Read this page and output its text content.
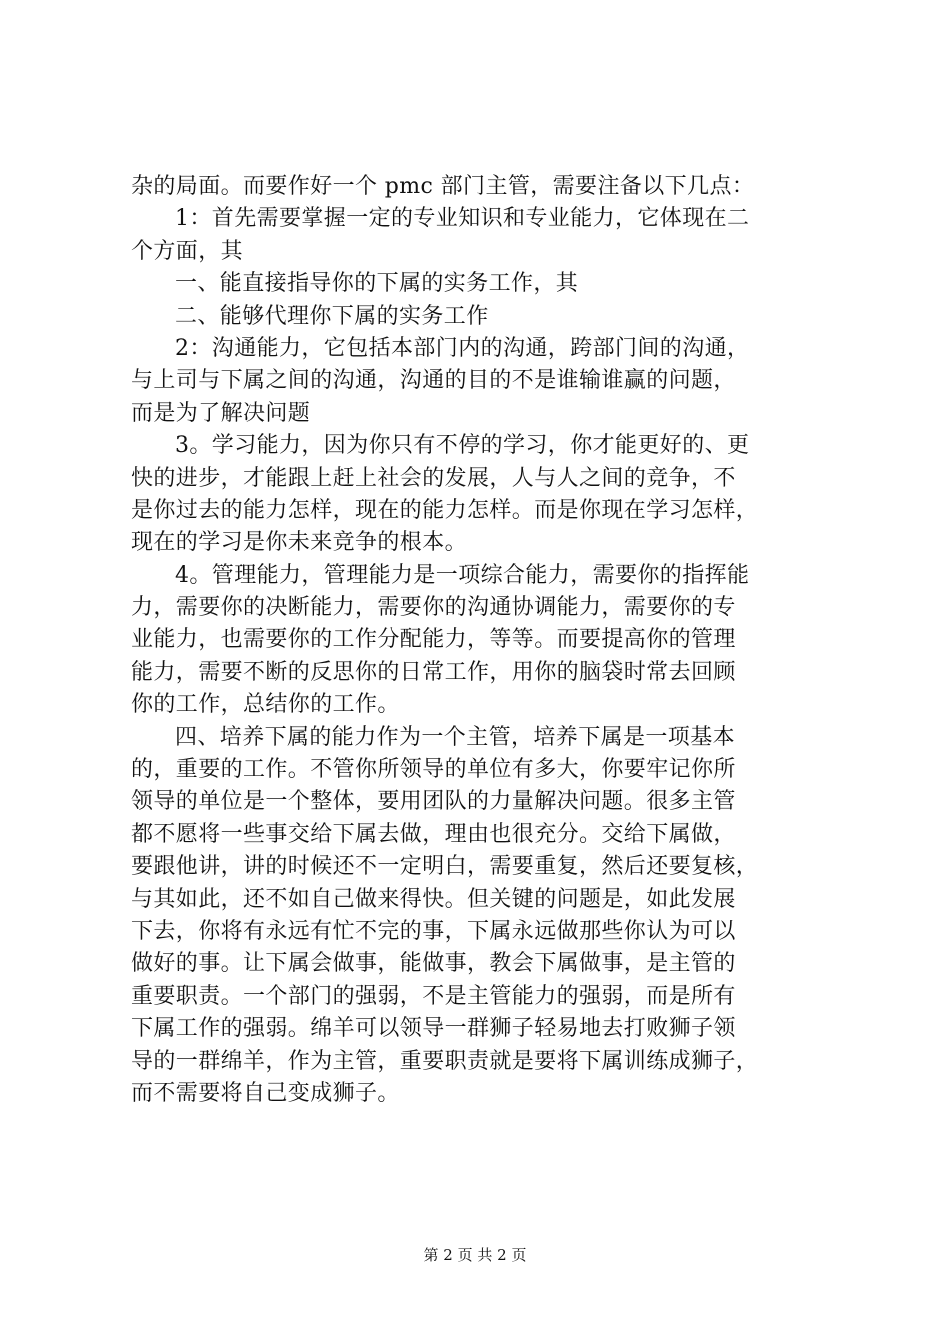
杂的局面。而要作好一个 pmc 部门主管，需要注备以下几点：
1：首先需要掌握一定的专业知识和专业能力，它体现在二
个方面，其
一、能直接指导你的下属的实务工作，其
二、能够代理你下属的实务工作
2：沟通能力，它包括本部门内的沟通，跨部门间的沟通，
与上司与下属之间的沟通，沟通的目的不是谁输谁赢的问题，
而是为了解决问题
3。学习能力，因为你只有不停的学习，你才能更好的、更
快的进步，才能跟上赶上社会的发展，人与人之间的竞争，不
是你过去的能力怎样，现在的能力怎样。而是你现在学习怎样，
现在的学习是你未来竞争的根本。
4。管理能力，管理能力是一项综合能力，需要你的指挥能
力，需要你的决断能力，需要你的沟通协调能力，需要你的专
业能力，也需要你的工作分配能力，等等。而要提高你的管理
能力，需要不断的反思你的日常工作，用你的脑袋时常去回顾
你的工作，总结你的工作。
四、培养下属的能力作为一个主管，培养下属是一项基本
的，重要的工作。不管你所领导的单位有多大，你要牢记你所
领导的单位是一个整体，要用团队的力量解决问题。很多主管
都不愿将一些事交给下属去做，理由也很充分。交给下属做，
要跟他讲，讲的时候还不一定明白，需要重复，然后还要复核，
与其如此，还不如自己做来得快。但关键的问题是，如此发展
下去，你将有永远有忙不完的事，下属永远做那些你认为可以
做好的事。让下属会做事，能做事，教会下属做事，是主管的
重要职责。一个部门的强弱，不是主管能力的强弱，而是所有
下属工作的强弱。绵羊可以领导一群狮子轻易地去打败狮子领
导的一群绵羊，作为主管，重要职责就是要将下属训练成狮子，
而不需要将自己变成狮子。
第 2 页 共 2 页
